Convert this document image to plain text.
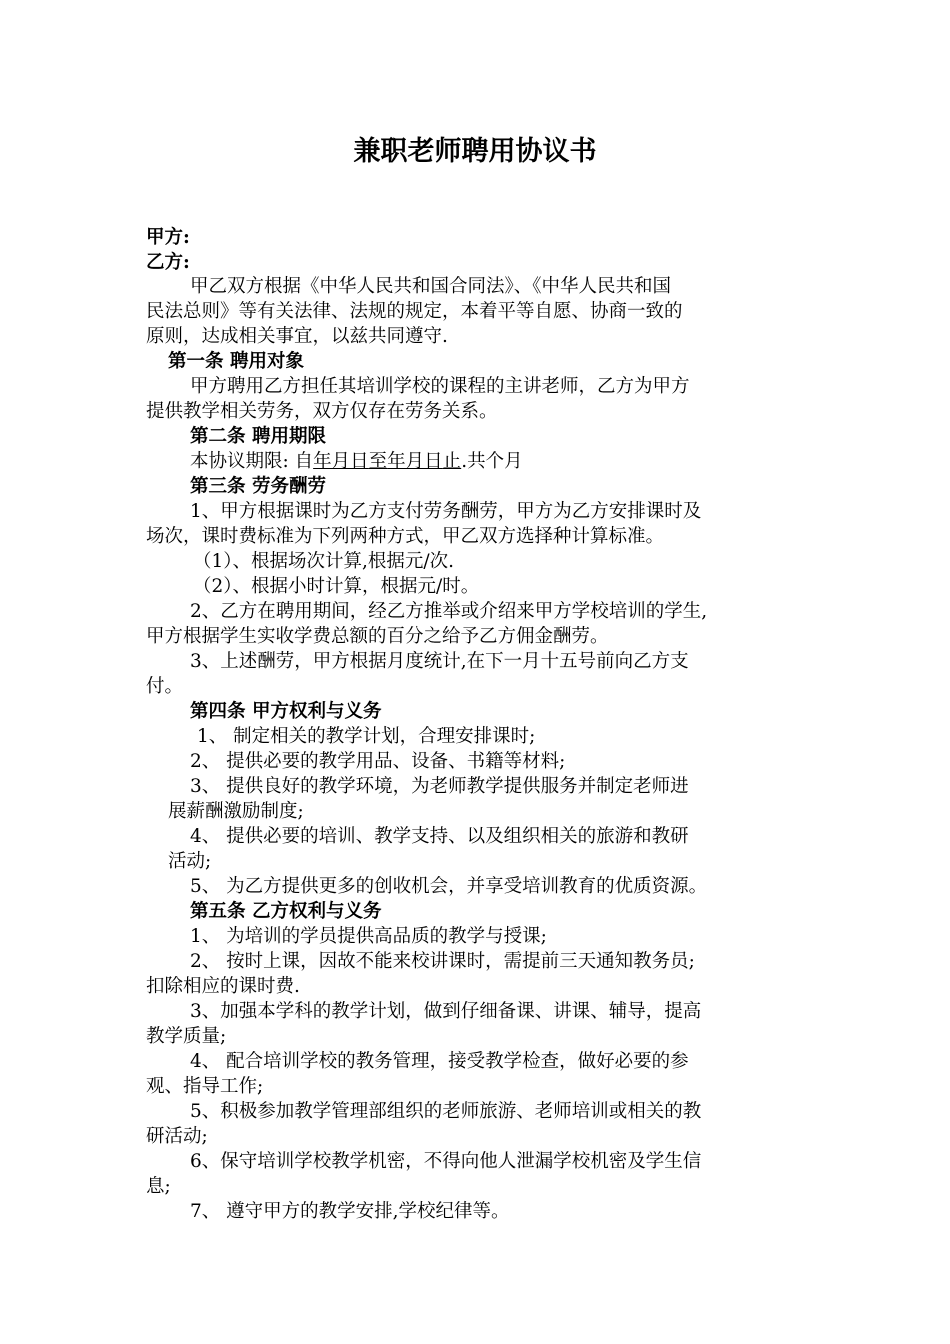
兼职老师聘用协议书
甲方:
乙方:
甲乙双方根据《中华人民共和国合同法》、《中华人民共和国
民法总则》等有关法律、法规的规定，本着平等自愿、协商一致的
原则，达成相关事宜，以兹共同遵守.
第一条 聘用对象
甲方聘用乙方担任其培训学校的课程的主讲老师，乙方为甲方
提供教学相关劳务，双方仅存在劳务关系。
第二条 聘用期限
本协议期限: 自年月日至年月日止.共个月
第三条 劳务酬劳
1、甲方根据课时为乙方支付劳务酬劳，甲方为乙方安排课时及
场次，课时费标准为下列两种方式，甲乙双方选择种计算标准。
（1）、根据场次计算,根据元/次.
（2）、根据小时计算，根据元/时。
2、乙方在聘用期间，经乙方推举或介绍来甲方学校培训的学生,
甲方根据学生实收学费总额的百分之给予乙方佣金酬劳。
3、上述酬劳，甲方根据月度统计,在下一月十五号前向乙方支
付。
第四条 甲方权利与义务
1、 制定相关的教学计划，合理安排课时;
2、 提供必要的教学用品、设备、书籍等材料;
3、 提供良好的教学环境，为老师教学提供服务并制定老师进
展薪酬激励制度;
4、 提供必要的培训、教学支持、以及组织相关的旅游和教研
活动;
5、 为乙方提供更多的创收机会，并享受培训教育的优质资源。
第五条 乙方权利与义务
1、 为培训的学员提供高品质的教学与授课;
2、 按时上课，因故不能来校讲课时，需提前三天通知教务员;
扣除相应的课时费.
3、加强本学科的教学计划，做到仔细备课、讲课、辅导，提高
教学质量;
4、 配合培训学校的教务管理，接受教学检查，做好必要的参
观、指导工作;
5、积极参加教学管理部组织的老师旅游、老师培训或相关的教
研活动;
6、保守培训学校教学机密，不得向他人泄漏学校机密及学生信
息;
7、 遵守甲方的教学安排,学校纪律等。
